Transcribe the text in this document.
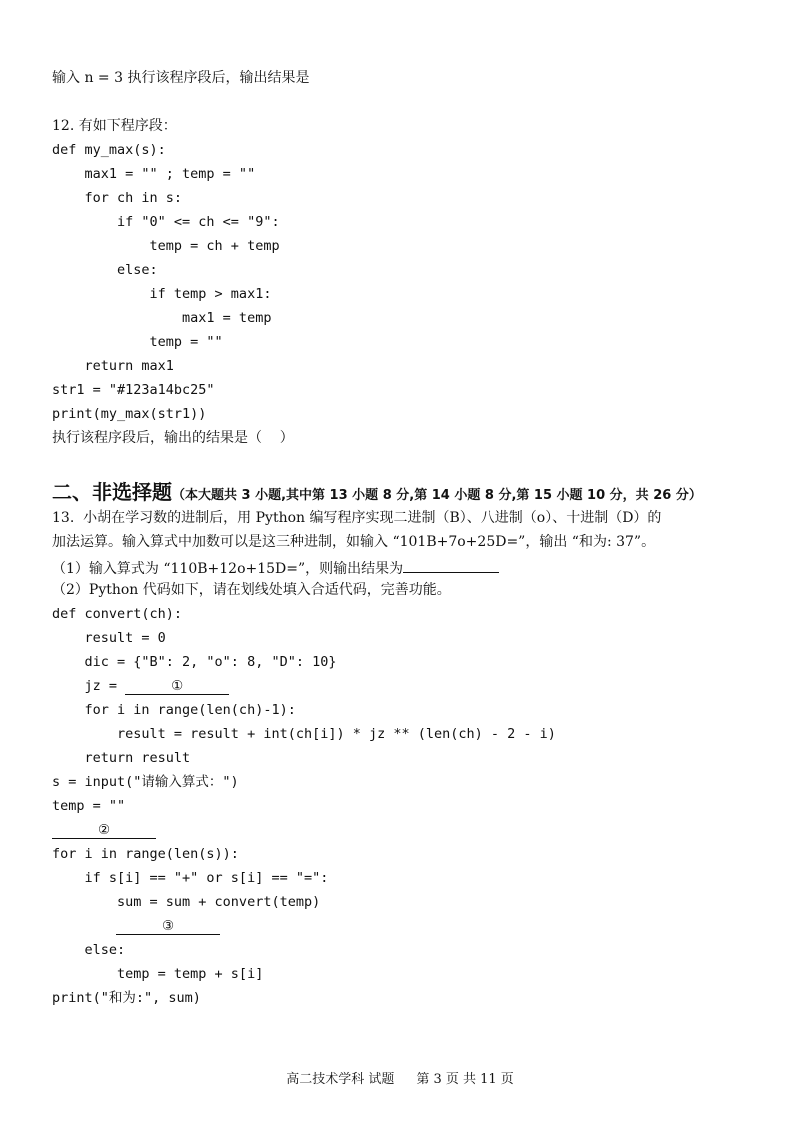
输入 n = 3 执行该程序段后，输出结果是

12. 有如下程序段：
def my_max(s):
max1 = "" ; temp = ""
for ch in s:
if "0" <= ch <= "9":
temp = ch + temp
else:
if temp > max1:
max1 = temp
temp = ""
return max1
str1 = "#123a14bc25"
print(my_max(str1))
执行该程序段后，输出的结果是（    ）

二、非选择题（本大题共 3 小题,其中第 13 小题 8 分,第 14 小题 8 分,第 15 小题 10 分，共 26 分）
13.  小胡在学习数的进制后，用 Python 编写程序实现二进制（B）、八进制（o）、十进制（D）的
加法运算。输入算式中加数可以是这三种进制，如输入 “101B+7o+25D=”，输出 “和为: 37”。
（1）输入算式为 “110B+12o+15D=”，则输出结果为
（2）Python 代码如下，请在划线处填入合适代码，完善功能。
def convert(ch):
result = 0
dic = {"B": 2, "o": 8, "D": 10}
jz =	①
for i in range(len(ch)-1):
result = result + int(ch[i]) * jz ** (len(ch) - 2 - i)
return result
s = input("请输入算式：")
temp = ""
②
for i in range(len(s)):
if s[i] == "+" or s[i] == "=":
sum = sum + convert(temp)
③
else:
temp = temp + s[i]
print("和为:", sum)
高二技术学科 试题 第 3 页 共 11 页
